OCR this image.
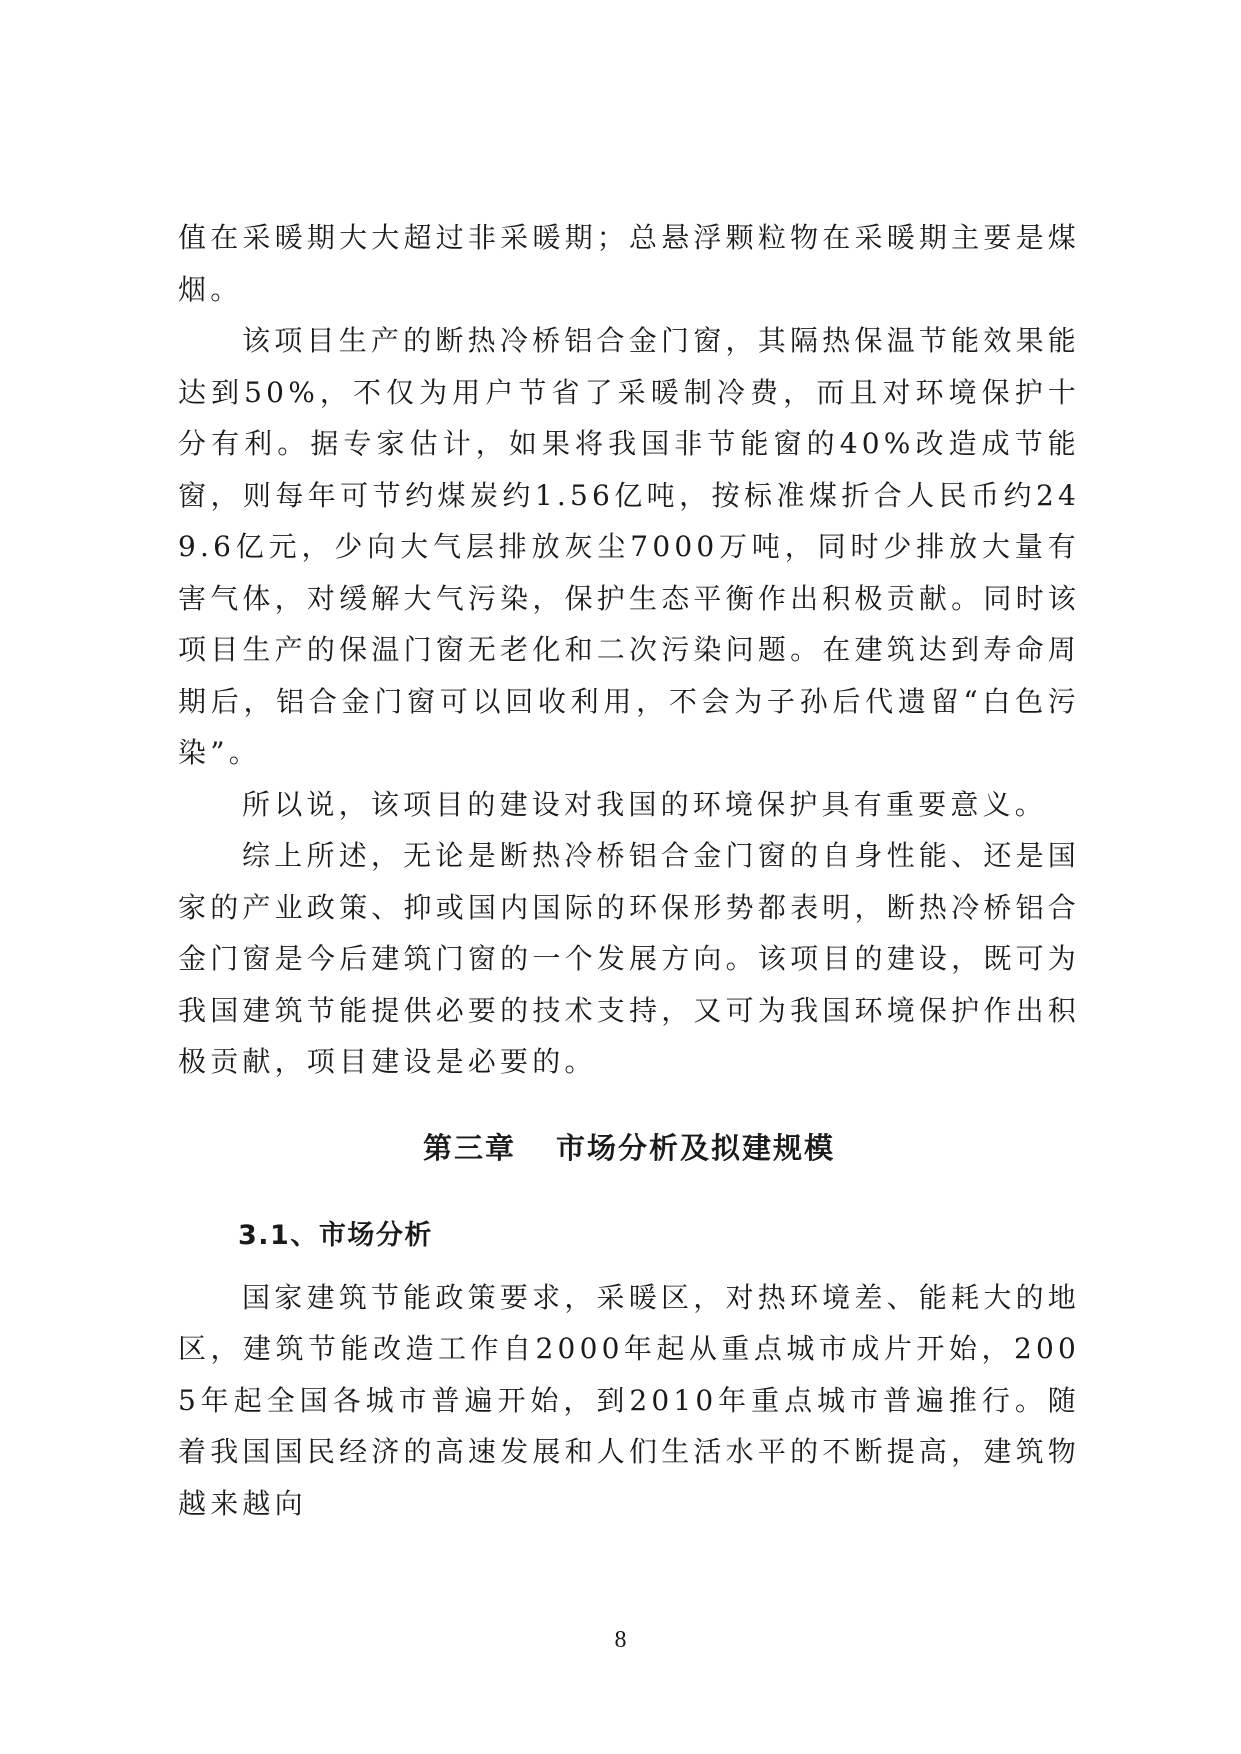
值在采暖期大大超过非采暖期；总悬浮颗粒物在采暖期主要是煤烟。

该项目生产的断热冷桥铝合金门窗，其隔热保温节能效果能达到50%，不仅为用户节省了采暖制冷费，而且对环境保护十分有利。据专家估计，如果将我国非节能窗的40%改造成节能窗，则每年可节约煤炭约1.56亿吨，按标准煤折合人民币约249.6亿元，少向大气层排放灰尘7000万吨，同时少排放大量有害气体，对缓解大气污染，保护生态平衡作出积极贡献。同时该项目生产的保温门窗无老化和二次污染问题。在建筑达到寿命周期后，铝合金门窗可以回收利用，不会为子孙后代遗留“白色污染”。

所以说，该项目的建设对我国的环境保护具有重要意义。

综上所述，无论是断热冷桥铝合金门窗的自身性能、还是国家的产业政策、抑或国内国际的环保形势都表明，断热冷桥铝合金门窗是今后建筑门窗的一个发展方向。该项目的建设，既可为我国建筑节能提供必要的技术支持，又可为我国环境保护作出积极贡献，项目建设是必要的。

第三章 市场分析及拟建规模
3.1、市场分析

国家建筑节能政策要求，采暖区，对热环境差、能耗大的地区，建筑节能改造工作自2000年起从重点城市成片开始，2005年起全国各城市普遍开始，到2010年重点城市普遍推行。随着我国国民经济的高速发展和人们生活水平的不断提高，建筑物越来越向

8
